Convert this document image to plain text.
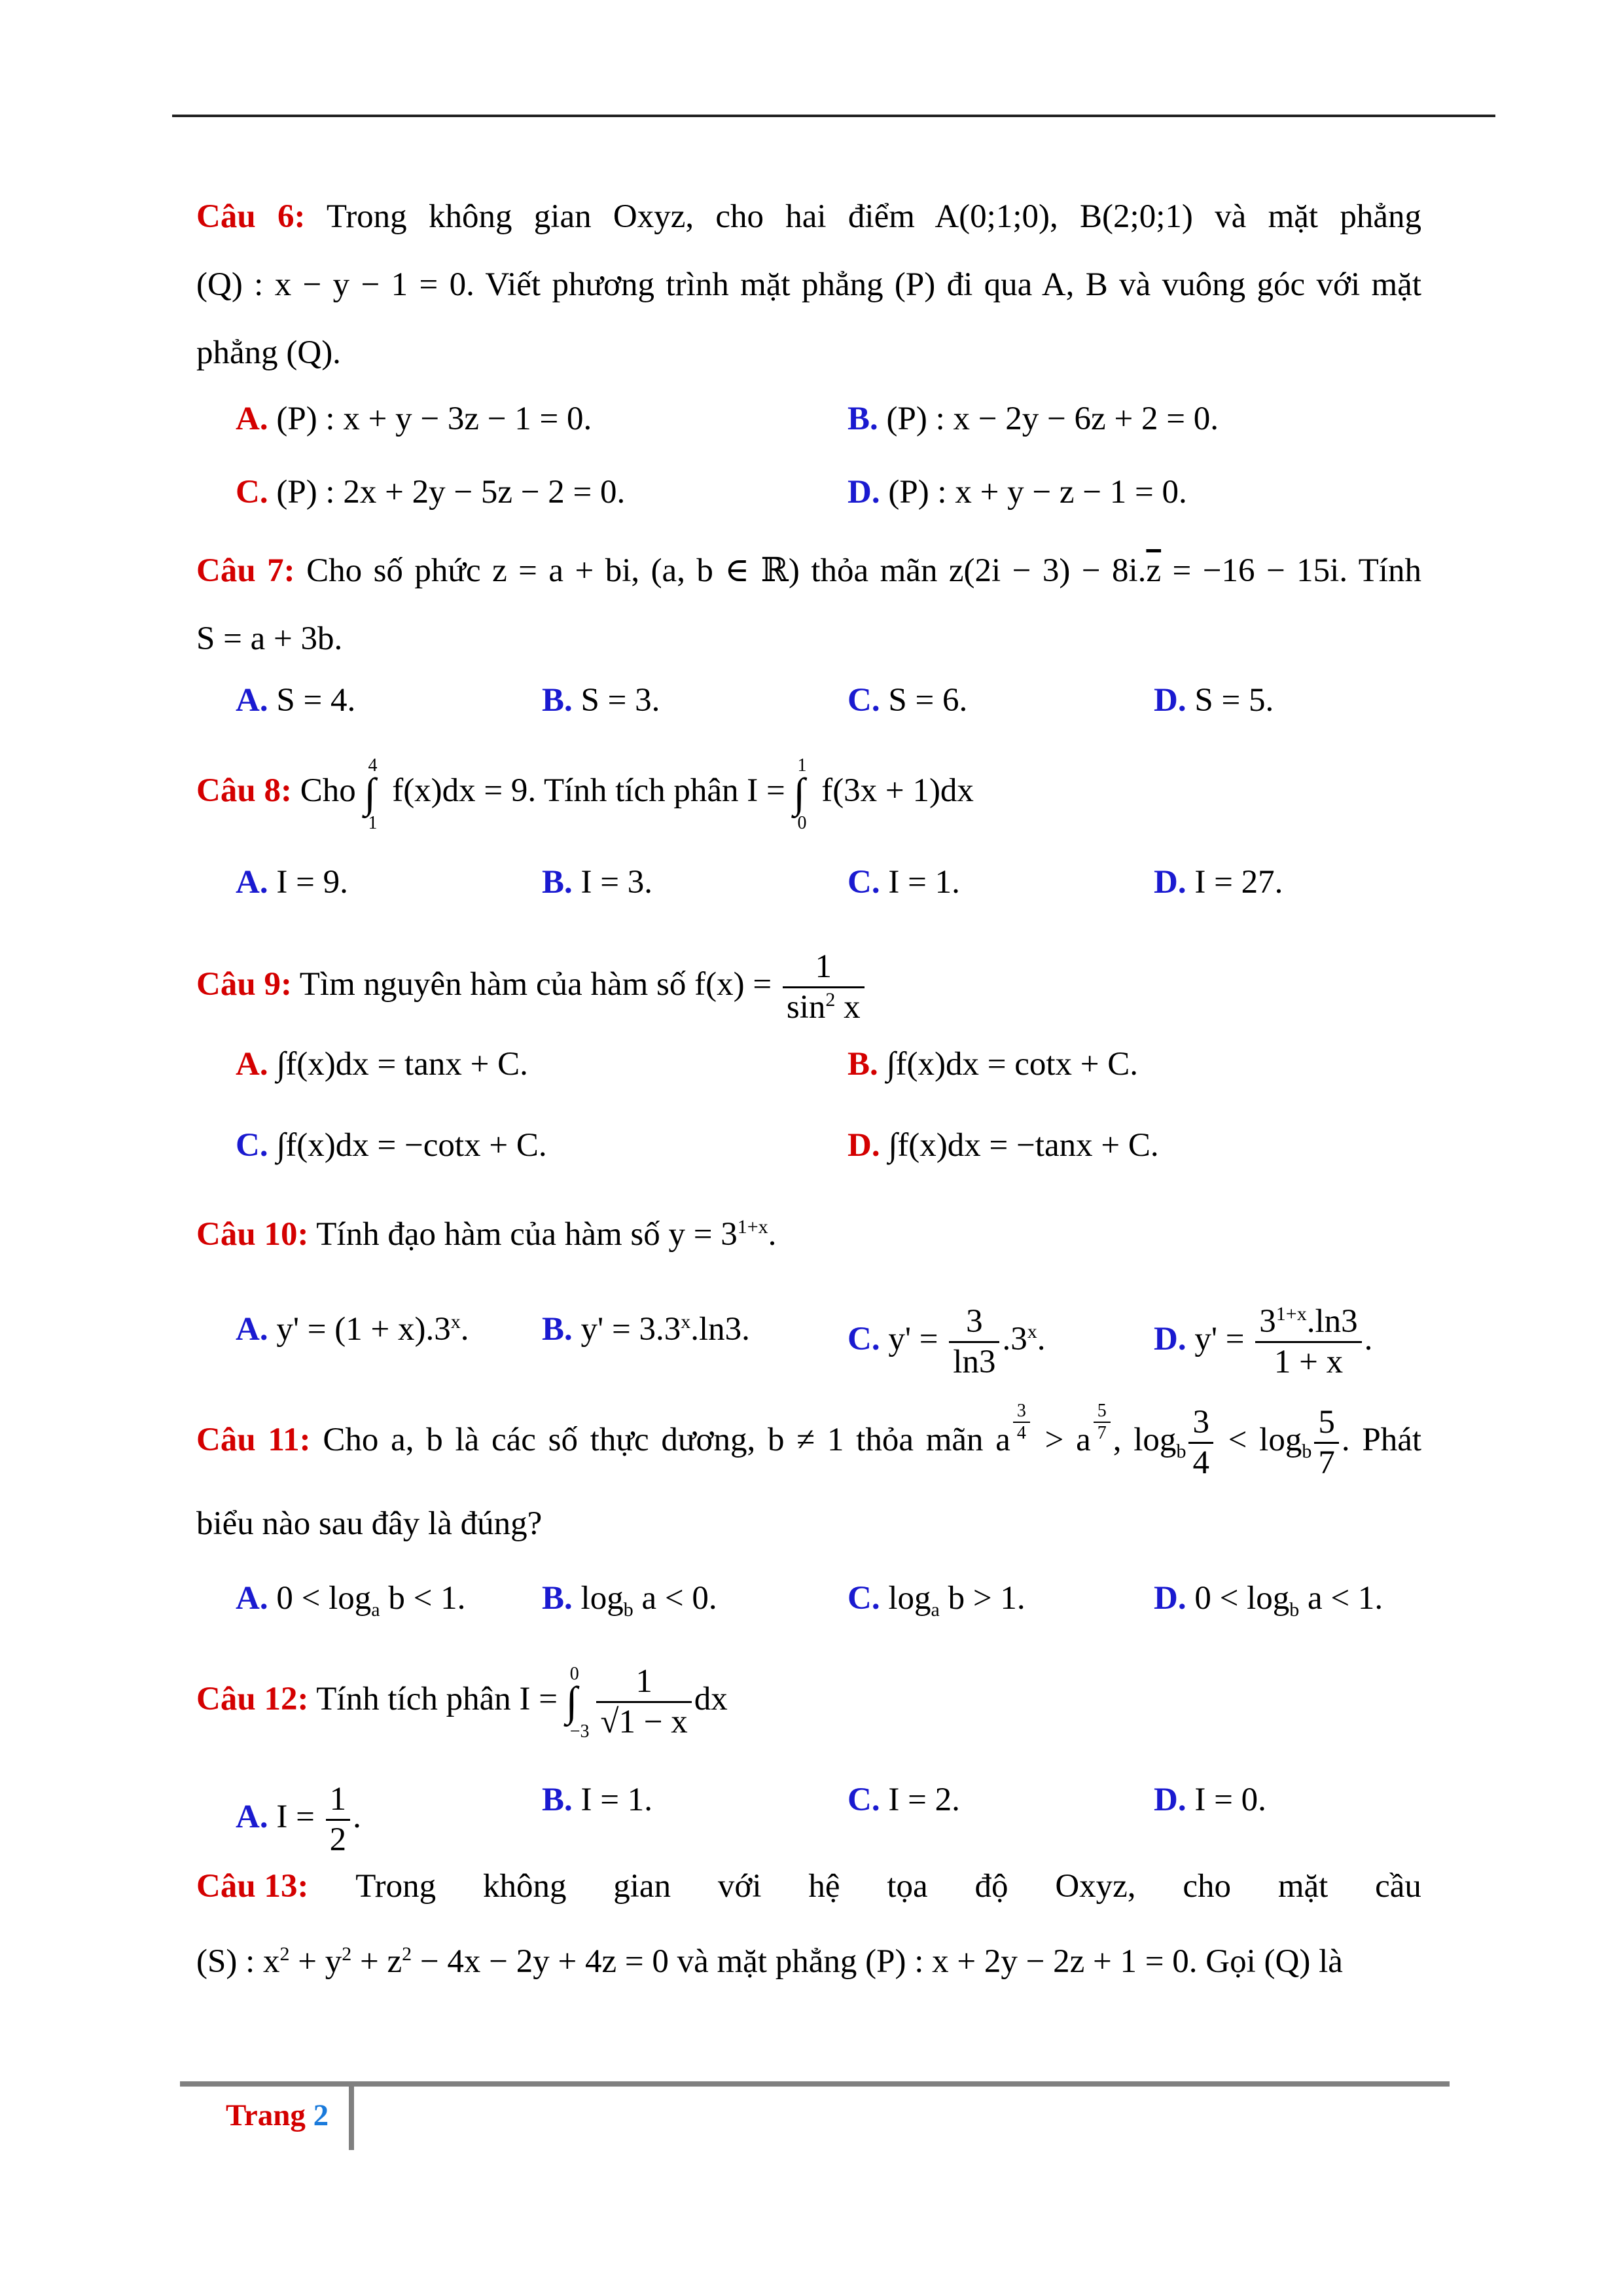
Câu 6: Trong không gian Oxyz, cho hai điểm A(0;1;0), B(2;0;1) và mặt phẳng
(Q) : x − y − 1 = 0. Viết phương trình mặt phẳng (P) đi qua A, B và vuông góc với mặt
phẳng (Q).
A. (P) : x + y − 3z − 1 = 0.	B. (P) : x − 2y − 6z + 2 = 0.
C. (P) : 2x + 2y − 5z − 2 = 0.	D. (P) : x + y − z − 1 = 0.
Câu 7: Cho số phức z = a + bi, (a, b ∈ ℝ) thỏa mãn $z(2i - 3) - 8i.\overline{z} = -16 - 15i$. Tính
S = a + 3b.
A. S = 4.	B. S = 3.	C. S = 6.	D. S = 5.
Câu 8: Cho ∫
4
1
f(x)dx = 9. Tính tích phân I = ∫
1
0
f(3x + 1)dx
A. I = 9.	B. I = 3.	C. I = 1.	D. I = 27.
Câu 9: Tìm nguyên hàm của hàm số $f(x) = \frac{1}{\sin^2 x}$
A. ∫f(x)dx = tanx + C.	B. ∫f(x)dx = cotx + C.
C. ∫f(x)dx = −cotx + C.	D. ∫f(x)dx = −tanx + C.
Câu 10: Tính đạo hàm của hàm số $y = 3^{1+x}$.
A. $y' = (1 + x).3^x$. B. $y' = 3.3^x.\ln 3$.	C. $y' = \frac{3}{\ln 3} .3^x$.	D. $y' = \frac{3^{1+x}.\ln 3}{1 + x}$ .
Câu 11: Cho a, b là các số thực dương, b ≠ 1 thỏa mãn a $\frac{3}{4} > a \frac{5}{7}$ , $\log_b \frac{3}{4} < \log_b \frac{5}{7}$ . Phát
biểu nào sau đây là đúng?
A. $0 < \log_a b < 1$. B. $\log_b a < 0$.	C. $\log_a b > 1$.	D. $0 < \log_b a < 1$.
Câu 12: Tính tích phân I = ∫
0
−3
$\frac{1}{√1 - x}$ dx
A. $I = \frac{1}{2}$ .	B. I = 1.	C. I = 2.	D. I = 0.
Câu 13: Trong không gian với hệ tọa độ Oxyz, cho mặt cầu
(S) : $x^2 + y^2 + z^2 - 4x - 2y + 4z = 0$ và mặt phẳng (P) : x + 2y − 2z + 1 = 0. Gọi (Q) là
Trang 2
